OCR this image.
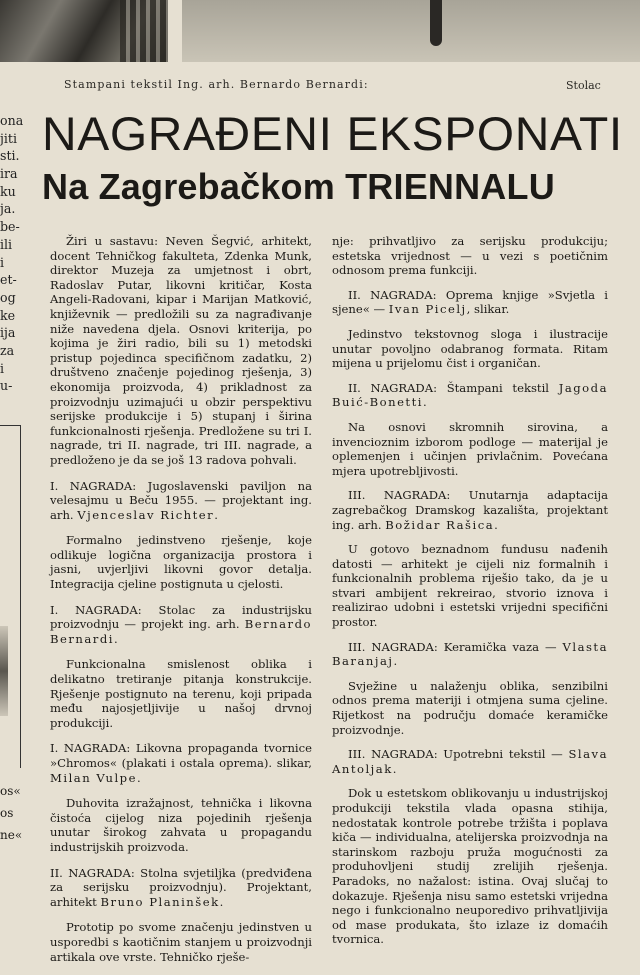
ona
jiti
sti.
ira
ku
ja.
be-
ili
i
et-
og
ke
ija
za
i
u-
os«
os
ne«
Stampani tekstil Ing. arh. Bernardo Bernardi:	Stolac
NAGRAĐENI EKSPONATI
Na Zagrebačkom TRIENNALU

Žiri u sastavu: Neven Šegvić, arhitekt, docent Tehničkog fakulteta, Zdenka Munk, direktor Muzeja za umjetnost i obrt, Radoslav Putar, likovni kritičar, Kosta Angeli-Radovani, kipar i Marijan Matković, književnik — predložili su za nagrađivanje niže navedena djela. Osnovi kriterija, po kojima je žiri radio, bili su 1) metodski pristup pojedinca specifičnom zadatku, 2) društveno značenje pojedinog rješenja, 3) ekonomija proizvoda, 4) prikladnost za proizvodnju uzimajući u obzir perspektivu serijske produkcije i 5) stupanj i širina funkcionalnosti rješenja. Predložene su tri I. nagrade, tri II. nagrade, tri III. nagrade, a predloženo je da se još 13 radova pohvali.

I. NAGRADA: Jugoslavenski paviljon na velesajmu u Beču 1955. — projektant ing. arh. Vjenceslav Richter.

Formalno jedinstveno rješenje, koje odlikuje logična organizacija prostora i jasni, uvjerljivi likovni govor detalja. Integracija cjeline postignuta u cjelosti.

I. NAGRADA: Stolac za industrijsku proizvodnju — projekt ing. arh. Bernardo Bernardi.

Funkcionalna smislenost oblika i delikatno tretiranje pitanja konstrukcije. Rješenje postignuto na terenu, koji pripada među najosjetljivije u našoj drvnoj produkciji.

I. NAGRADA: Likovna propaganda tvornice »Chromos« (plakati i ostala oprema). slikar, Milan Vulpe.

Duhovita izražajnost, tehnička i likovna čistoća cijelog niza pojedinih rješenja unutar širokog zahvata u propagandu industrijskih proizvoda.

II. NAGRADA: Stolna svjetiljka (predviđena za serijsku proizvodnju). Projektant, arhitekt Bruno Planinšek.

Prototip po svome značenju jedinstven u usporedbi s kaotičnim stanjem u proizvodnji artikala ove vrste. Tehničko rješe-

nje: prihvatljivo za serijsku produkciju; estetska vrijednost — u vezi s poetičnim odnosom prema funkciji.

II. NAGRADA: Oprema knjige »Svjetla i sjene« — Ivan Picelj, slikar.

Jedinstvo tekstovnog sloga i ilustracije unutar povoljno odabranog formata. Ritam mijena u prijelomu čist i organičan.

II. NAGRADA: Štampani tekstil Jagoda Buić-Bonetti.

Na osnovi skromnih sirovina, a invencioznim izborom podloge — materijal je oplemenjen i učinjen privlačnim. Povećana mjera upotrebljivosti.

III. NAGRADA: Unutarnja adaptacija zagrebačkog Dramskog kazališta, projektant ing. arh. Božidar Rašica.

U gotovo beznadnom fundusu nađenih datosti — arhitekt je cijeli niz formalnih i funkcionalnih problema riješio tako, da je u stvari ambijent rekreirao, stvorio iznova i realizirao udobni i estetski vrijedni specifični prostor.

III. NAGRADA: Keramička vaza — Vlasta Baranjaj.

Svježine u nalaženju oblika, senzibilni odnos prema materiji i otmjena suma cjeline. Rijetkost na području domaće keramičke proizvodnje.

III. NAGRADA: Upotrebni tekstil — Slava Antoljak.

Dok u estetskom oblikovanju u industrijskoj produkciji tekstila vlada opasna stihija, nedostatak kontrole potrebe tržišta i poplava kiča — individualna, atelijerska proizvodnja na starinskom razboju pruža mogućnosti za produhovljeni studij zrelijih rješenja. Paradoks, no nažalost: istina. Ovaj slučaj to dokazuje. Rješenja nisu samo estetski vrijedna nego i funkcionalno neuporedivo prihvatljivija od mase produkata, što izlaze iz domaćih tvornica.
